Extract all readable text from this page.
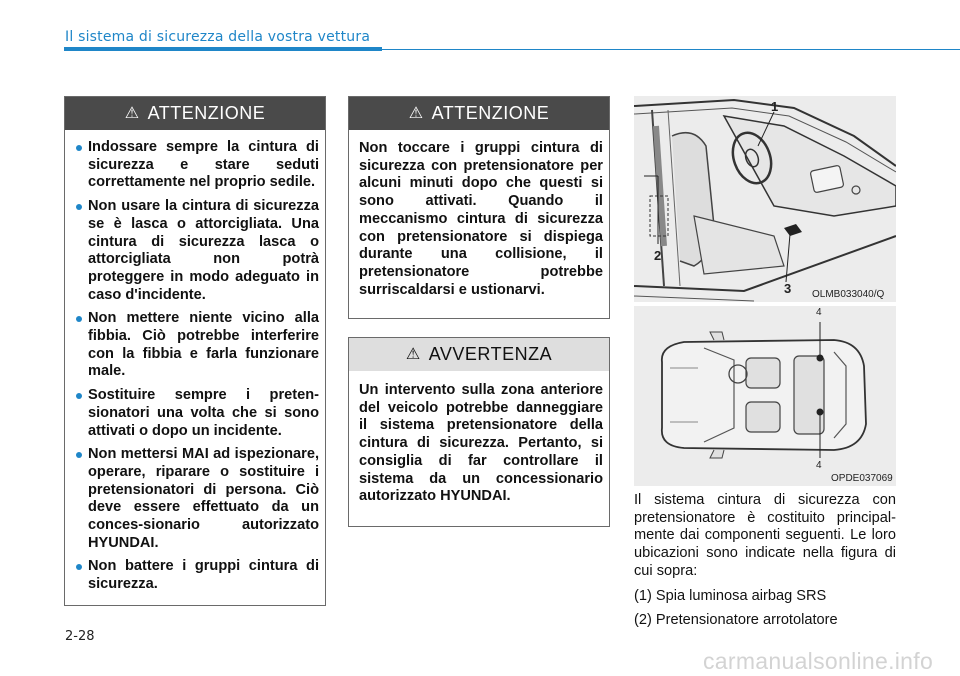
Il sistema di sicurezza della vostra vettura
⚠ ATTENZIONE
Indossare sempre la cintura di sicurezza e stare seduti correttamente nel proprio sedile.
Non usare la cintura di sicurezza se è lasca o attorcigliata. Una cintura di sicurezza lasca o attorcigliata non potrà proteggere in modo adeguato in caso d'incidente.
Non mettere niente vicino alla fibbia. Ciò potrebbe interferire con la fibbia e farla funzionare male.
Sostituire sempre i preten-sionatori una volta che si sono attivati o dopo un incidente.
Non mettersi MAI ad ispezionare, operare, riparare o sostituire i pretensionatori di persona. Ciò deve essere effettuato da un conces-sionario autorizzato HYUNDAI.
Non battere i gruppi cintura di sicurezza.
⚠ ATTENZIONE
Non toccare i gruppi cintura di sicurezza con pretensionatore per alcuni minuti dopo che questi si sono attivati. Quando il meccanismo cintura di sicurezza con pretensionatore si dispiega durante una collisione, il pretensionatore potrebbe surriscaldarsi e ustionarvi.
⚠ AVVERTENZA
Un intervento sulla zona anteriore del veicolo potrebbe danneggiare il sistema pretensionatore della cintura di sicurezza. Pertanto, si consiglia di far controllare il sistema da un concessionario autorizzato HYUNDAI.
1
2
3 OLMB033040/Q
4
4
OPDE037069

Il sistema cintura di sicurezza con pretensionatore è costituito principal-mente dai componenti seguenti. Le loro ubicazioni sono indicate nella figura di cui sopra:

(1) Spia luminosa airbag SRS

(2) Pretensionatore arrotolatore

2-28
carmanualsonline.info
